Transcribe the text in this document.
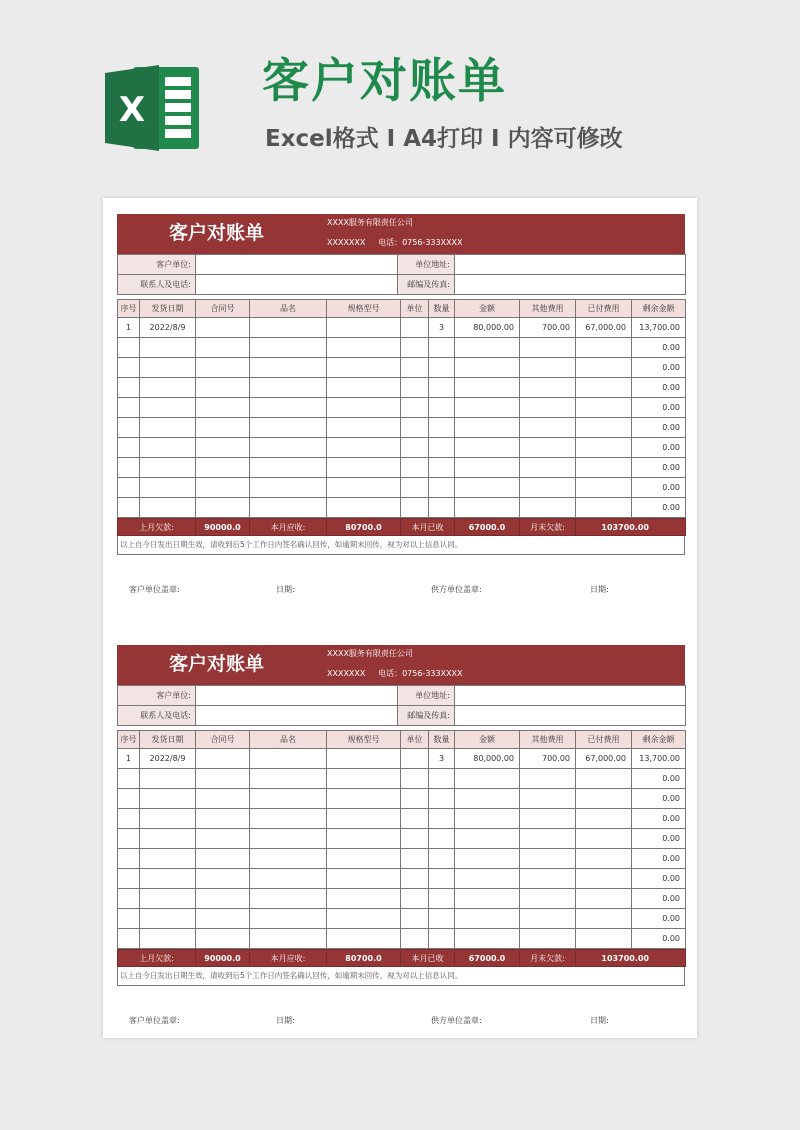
X
客户对账单
Excel格式 I A4打印 I 内容可修改
客户对账单	XXXX服务有限责任公司
XXXXXXX     电话：0756-333XXXX
客户单位:		单位地址:	
联系人及电话:		邮编及传真:	
序号	发货日期	合同号	品名	规格型号	单位	数量	金额	其他费用	已付费用	剩余金额
1	2022/8/9					3	80,000.00	700.00	67,000.00	13,700.00
										0.00
										0.00
										0.00
										0.00
										0.00
										0.00
										0.00
										0.00
										0.00
上月欠款:	90000.0	本月应收:	80700.0	本月已收	67000.0	月末欠款:	103700.00
以上自今日发出日期生效，请收到后5个工作日内签名确认回传，如逾期未回传，视为对以上信息认同。
客户单位盖章:	日期:	供方单位盖章:	日期:
客户对账单	XXXX服务有限责任公司
XXXXXXX     电话：0756-333XXXX
客户单位:		单位地址:	
联系人及电话:		邮编及传真:	
序号	发货日期	合同号	品名	规格型号	单位	数量	金额	其他费用	已付费用	剩余金额
1	2022/8/9					3	80,000.00	700.00	67,000.00	13,700.00
										0.00
										0.00
										0.00
										0.00
										0.00
										0.00
										0.00
										0.00
										0.00
上月欠款:	90000.0	本月应收:	80700.0	本月已收	67000.0	月末欠款:	103700.00
以上自今日发出日期生效，请收到后5个工作日内签名确认回传，如逾期未回传，视为对以上信息认同。
客户单位盖章:	日期:	供方单位盖章:	日期:
